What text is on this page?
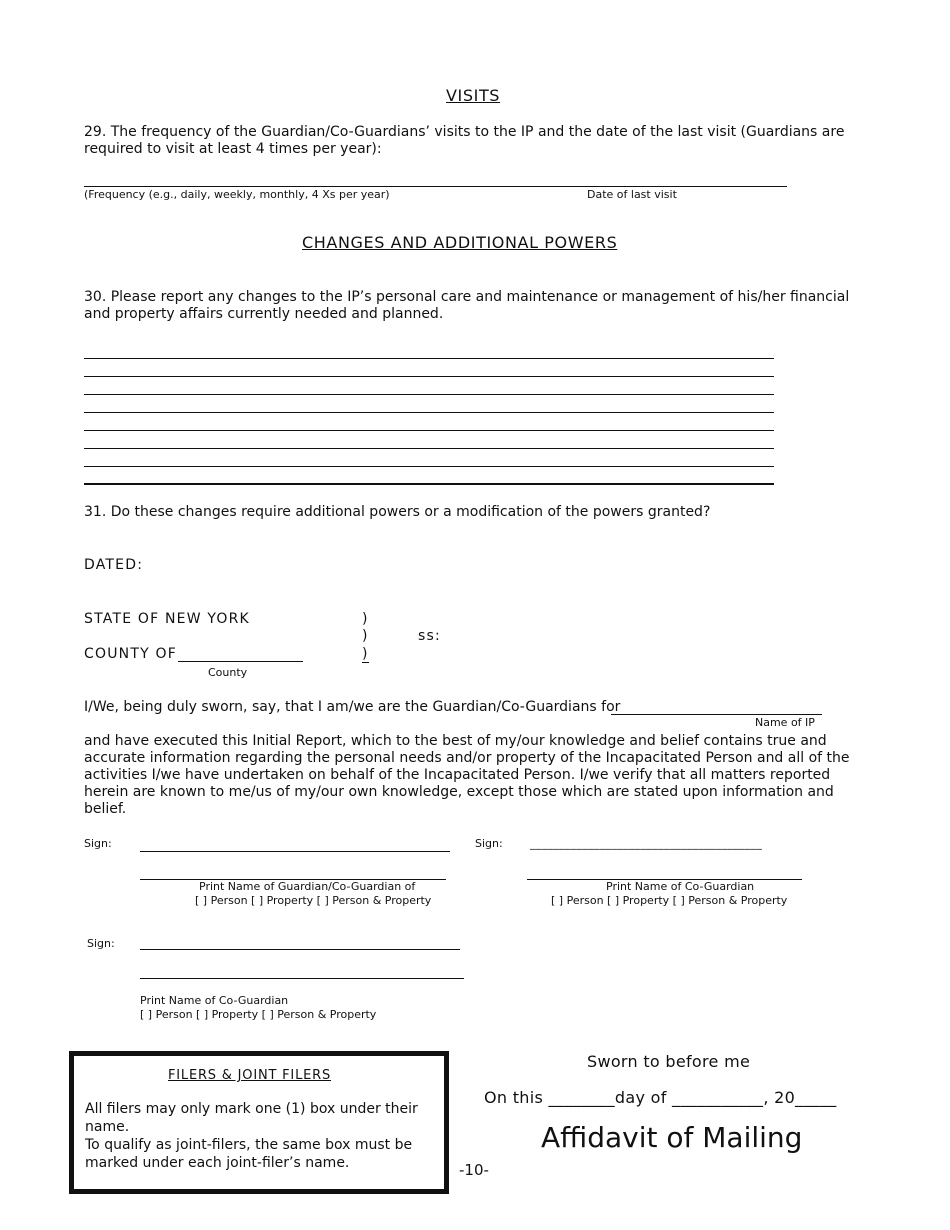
VISITS
29. The frequency of the Guardian/Co-Guardians’ visits to the IP and the date of the last visit (Guardians are required to visit at least 4 times per year):
(Frequency (e.g., daily, weekly, monthly, 4 Xs per year)	Date of last visit
CHANGES AND ADDITIONAL POWERS
30. Please report any changes to the IP’s personal care and maintenance or management of his/her financial and property affairs currently needed and planned.
31. Do these changes require additional powers or a modification of the powers granted?
DATED:
STATE OF NEW YORK
COUNTY OF
County
)
)
)
ss:
I/We, being duly sworn, say, that I am/we are the Guardian/Co-Guardians for
Name of IP
and have executed this Initial Report, which to the best of my/our knowledge and belief contains true and accurate information regarding the personal needs and/or property of the Incapacitated Person and all of the activities I/we have undertaken on behalf of the Incapacitated Person. I/we verify that all matters reported herein are known to me/us of my/our own knowledge, except those which are stated upon information and belief.
Sign:
Print Name of Guardian/Co-Guardian of
[ ] Person [ ] Property [ ] Person & Property
Sign: ________________________________________
Print Name of Co-Guardian
[ ] Person [ ] Property [ ] Person & Property
Sign:
Print Name of Co-Guardian
[ ] Person [ ] Property [ ] Person & Property
FILERS & JOINT FILERS
All filers may only mark one (1) box under their name.
To qualify as joint-filers, the same box must be marked under each joint-filer’s name.
Sworn to before me
On this ________day of ___________, 20_____
Affidavit of Mailing
-10-
